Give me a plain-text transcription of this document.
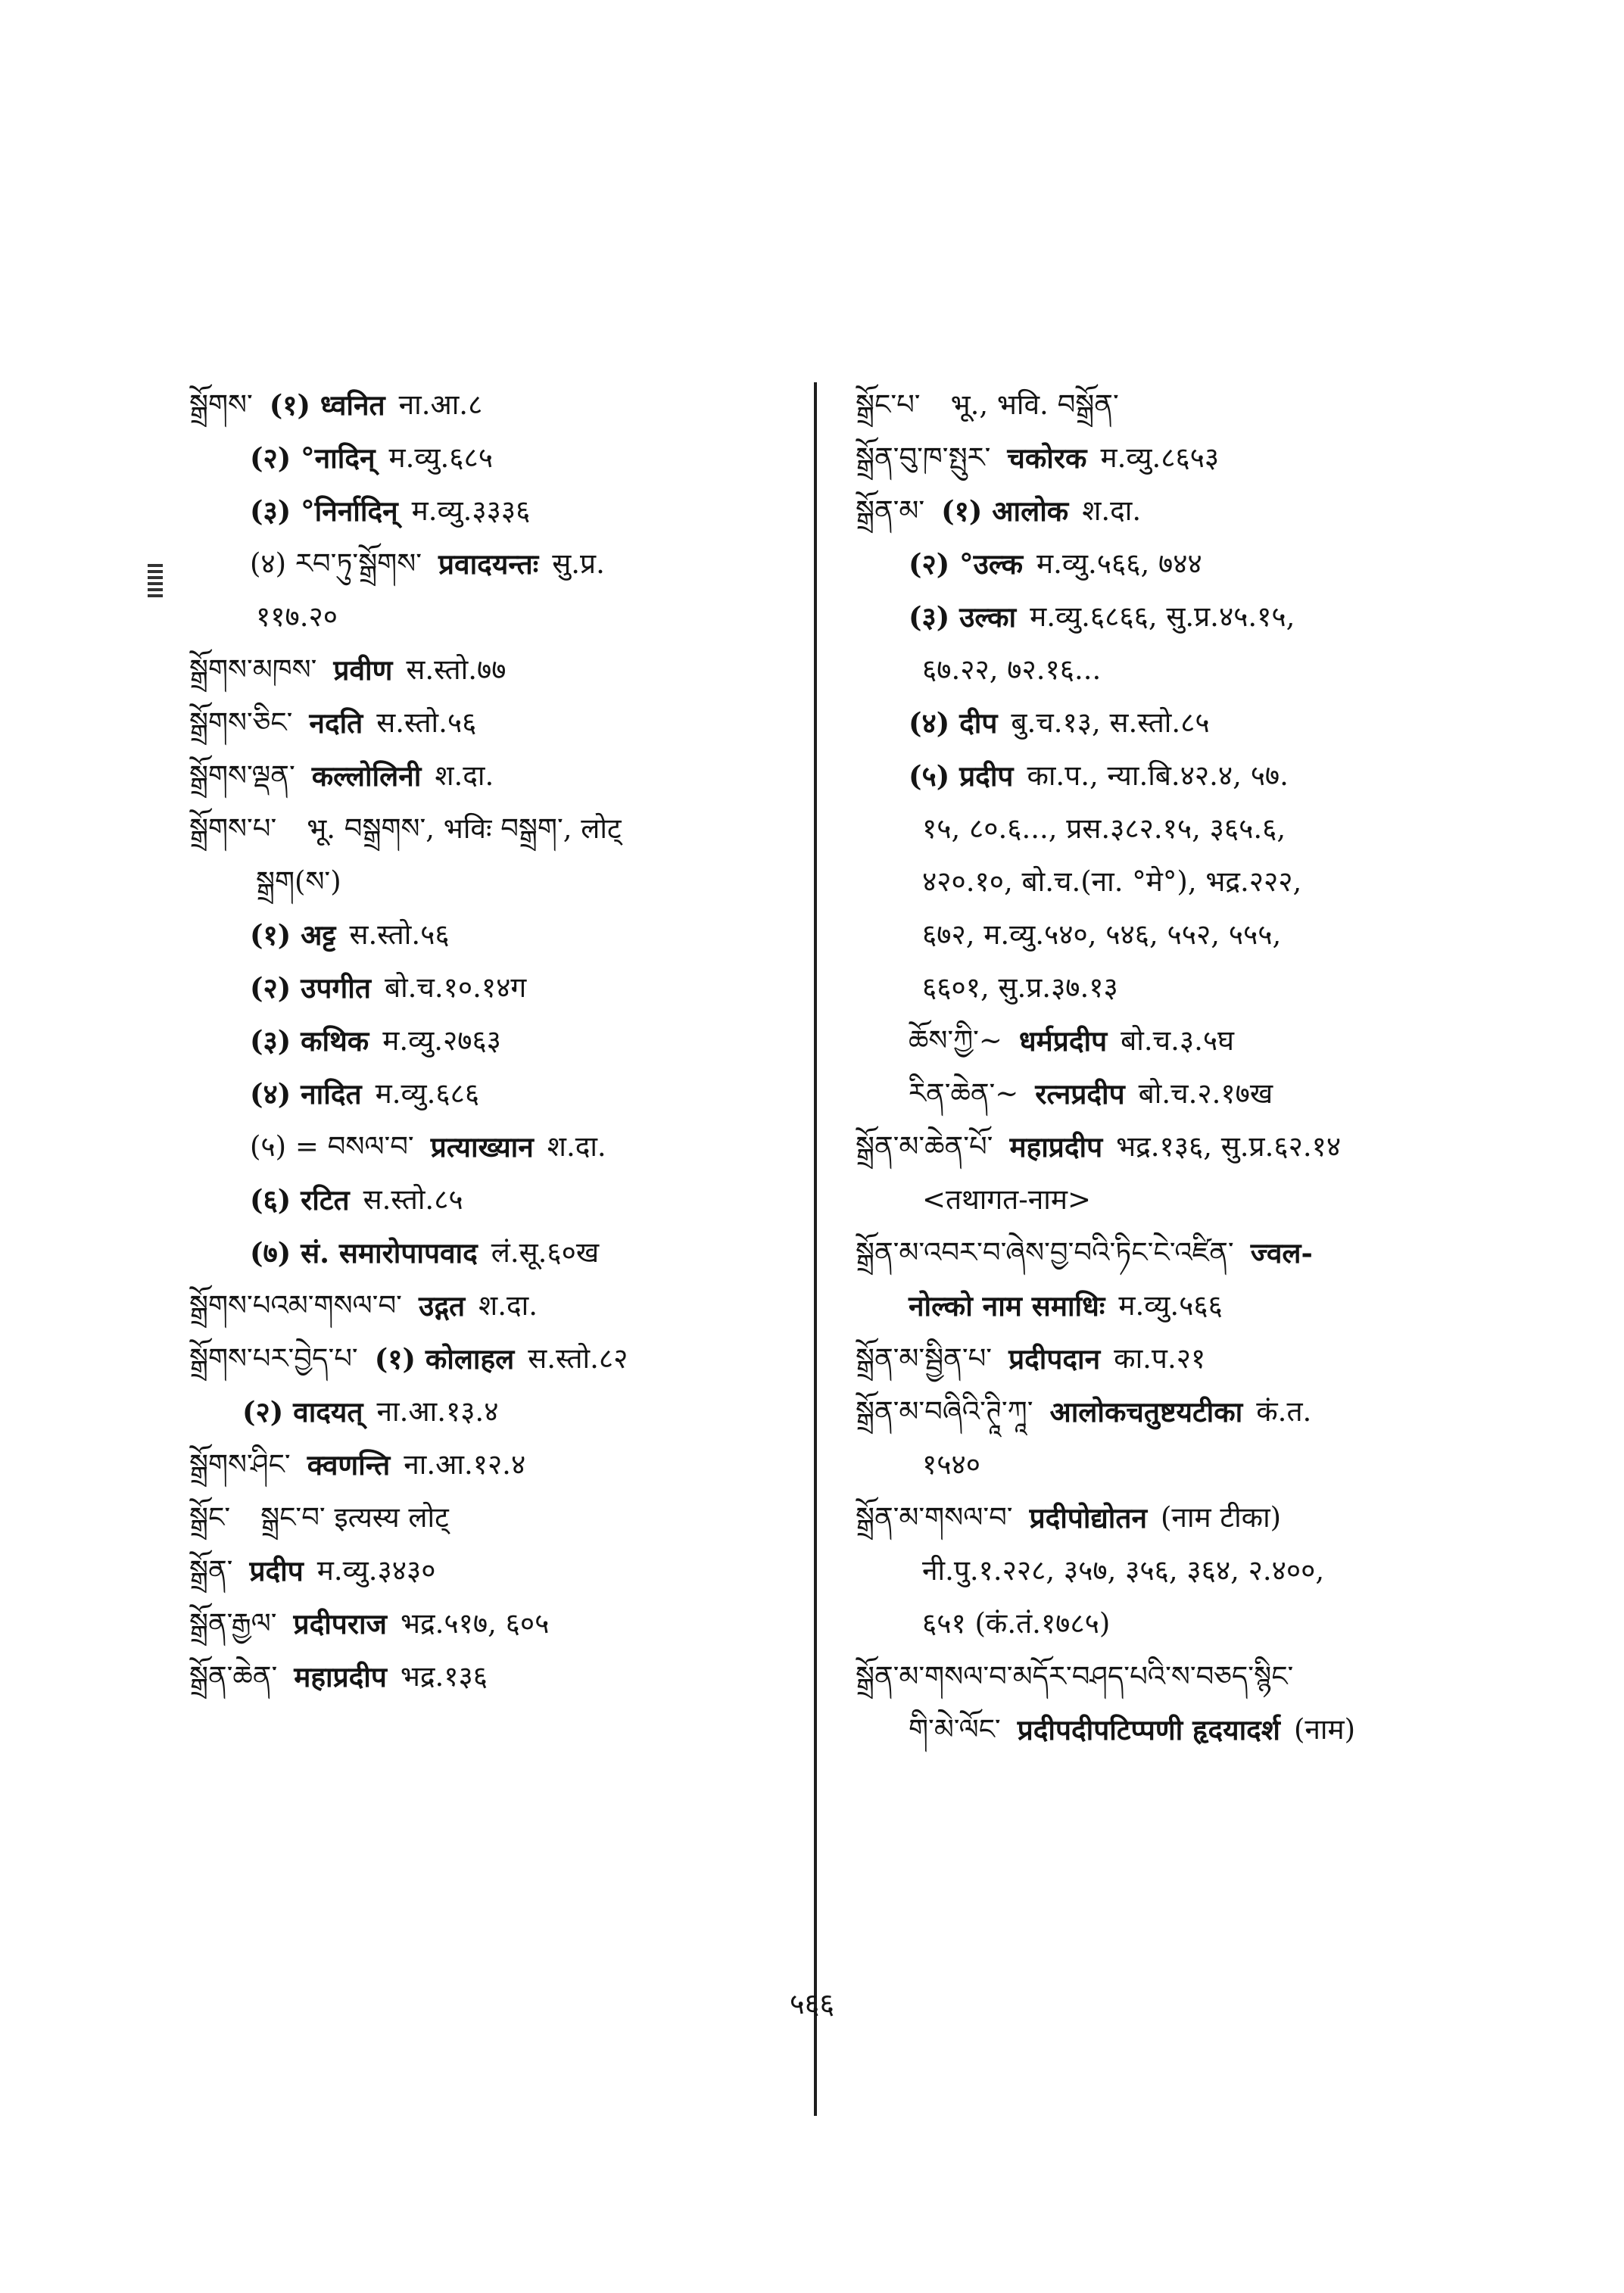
སྒྲོགས་ (१) ध्वनित ना.आ.८
(२) °नादिन् म.व्यु.६८५
(३) °निर्नादिन् म.व्यु.३३३६
(४) རབ་ཏུ་སྒྲོགས་ प्रवादयन्तः सु.प्र.
११७.२०
སྒྲོགས་མཁས་ प्रवीण स.स्तो.७७
སྒྲོགས་ཅིང་ नदति स.स्तो.५६
སྒྲོགས་ལྡན་ कल्लोलिनी श.दा.
སྒྲོགས་པ་ भू. བསྒྲགས་, भविः བསྒྲག་, लोट्
སྒྲག(ས་)
(१) अट्ट स.स्तो.५६
(२) उपगीत बो.च.१०.१४ग
(३) कथिक म.व्यु.२७६३
(४) नादित म.व्यु.६८६
(५) = བསལ་བ་ प्रत्याख्यान श.दा.
(६) रटित स.स्तो.८५
(७) सं. समारोपापवाद लं.सू.६०ख
སྒྲོགས་པའམ་གསལ་བ་ उद्गत श.दा.
སྒྲོགས་པར་བྱེད་པ་ (१) कोलाहल स.स्तो.८२
(२) वादयत् ना.आ.१३.४
སྒྲོགས་ཤིང་ क्वणन्ति ना.आ.१२.४
སྒྲོང་ སྒྲང་བ་ इत्यस्य लोट्
སྒྲོན་ प्रदीप म.व्यु.३४३०
སྒྲོན་རྒྱལ་ प्रदीपराज भद्र.५१७, ६०५
སྒྲོན་ཆེན་ महाप्रदीप भद्र.१३६
སྒྲོང་པ་ भू., भवि. བསྒྲོན་
སྒྲོན་བུ་ཁ་སྤུར་ चकोरक म.व्यु.८६५३
སྒྲོན་མ་ (१) आलोक श.दा.
(२) °उल्क म.व्यु.५६६, ७४४
(३) उल्का म.व्यु.६८६६, सु.प्र.४५.१५,
६७.२२, ७२.१६...
(४) दीप बु.च.१३, स.स्तो.८५
(५) प्रदीप का.प., न्या.बि.४२.४, ५७.
१५, ८०.६..., प्रस.३८२.१५, ३६५.६,
४२०.१०, बो.च.(ना. °मे°), भद्र.२२२,
६७२, म.व्यु.५४०, ५४६, ५५२, ५५५,
६६०१, सु.प्र.३७.१३
ཆོས་ཀྱི་~ धर्मप्रदीप बो.च.३.५घ
རིན་ཆེན་~ रत्नप्रदीप बो.च.२.१७ख
སྒྲོན་མ་ཆེན་པོ་ महाप्रदीप भद्र.१३६, सु.प्र.६२.१४
<तथागत-नाम>
སྒྲོན་མ་འབར་བ་ཞེས་བྱ་བའི་ཏིང་ངེ་འཛིན་ ज्वल-
नोल्को नाम समाधिः म.व्यु.५६६
སྒྲོན་མ་སྦྱིན་པ་ प्रदीपदान का.प.२१
སྒྲོན་མ་བཞིའི་ཊཱི་ཀཱ་ आलोकचतुष्टयटीका कं.त.
१५४०
སྒྲོན་མ་གསལ་བ་ प्रदीपोद्योतन (नाम टीका)
नी.पु.१.२२८, ३५७, ३५६, ३६४, २.४००,
६५१ (कं.तं.१७८५)
སྒྲོན་མ་གསལ་བ་མདོར་བཤད་པའི་ས་བཅད་སྙིང་
གི་མེ་ལོང་ प्रदीपदीपटिप्पणी हृदयादर्श (नाम)
५६६
